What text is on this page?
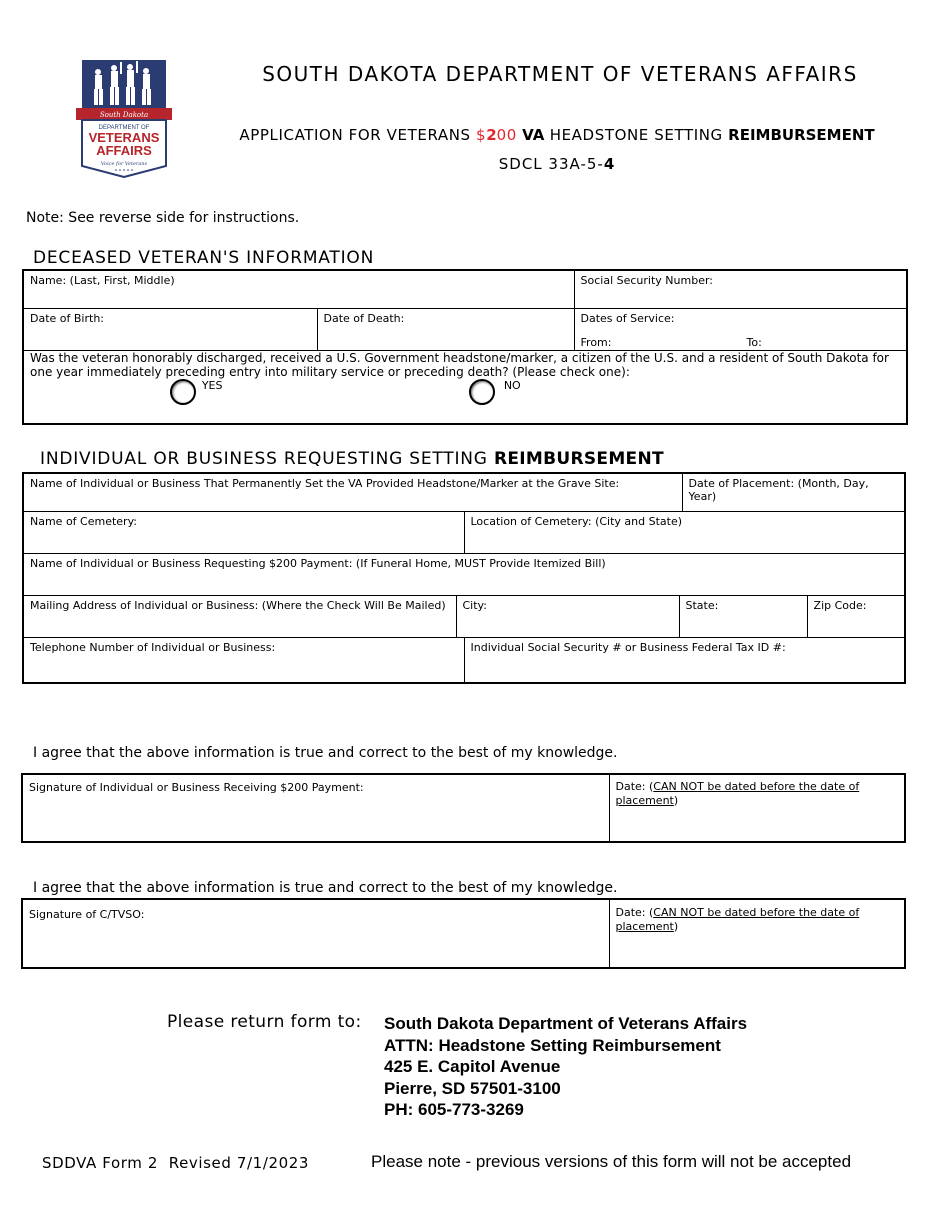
South Dakota
DEPARTMENT OF
VETERANS
AFFAIRS
Voice for Veterans
SOUTH DAKOTA DEPARTMENT OF VETERANS AFFAIRS
APPLICATION FOR VETERANS $200 VA HEADSTONE SETTING REIMBURSEMENT
SDCL 33A-5-4
Note: See reverse side for instructions.
DECEASED VETERAN'S INFORMATION
Name: (Last, First, Middle)		Social Security Number:
Date of Birth:	Date of Death:	Dates of Service:
From: To:

Was the veteran honorably discharged, received a U.S. Government headstone/marker, a citizen of the U.S. and a resident of South Dakota for one year immediately preceding entry into military service or preceding death? (Please check one):
YES NO		
INDIVIDUAL OR BUSINESS REQUESTING SETTING REIMBURSEMENT
Name of Individual or Business That Permanently Set the VA Provided Headstone/Marker at the Grave Site:				Date of Placement: (Month, Day, Year)	
Name of Cemetery:		Location of Cemetery: (City and State)			
Name of Individual or Business Requesting $200 Payment: (If Funeral Home, MUST Provide Itemized Bill)					
Mailing Address of Individual or Business: (Where the Check Will Be Mailed)	City:		State:		Zip Code:
Telephone Number of Individual or Business:		Individual Social Security # or Business Federal Tax ID #:			
I agree that the above information is true and correct to the best of my knowledge.
Signature of Individual or Business Receiving $200 Payment:	Date: (CAN NOT be dated before the date of placement)
I agree that the above information is true and correct to the best of my knowledge.
Signature of C/TVSO:	Date: (CAN NOT be dated before the date of placement)
Please return form to: South Dakota Department of Veterans Affairs
ATTN: Headstone Setting Reimbursement
425 E. Capitol Avenue
Pierre, SD 57501-3100
PH: 605-773-3269
SDDVA Form 2  Revised 7/1/2023	Please note - previous versions of this form will not be accepted
